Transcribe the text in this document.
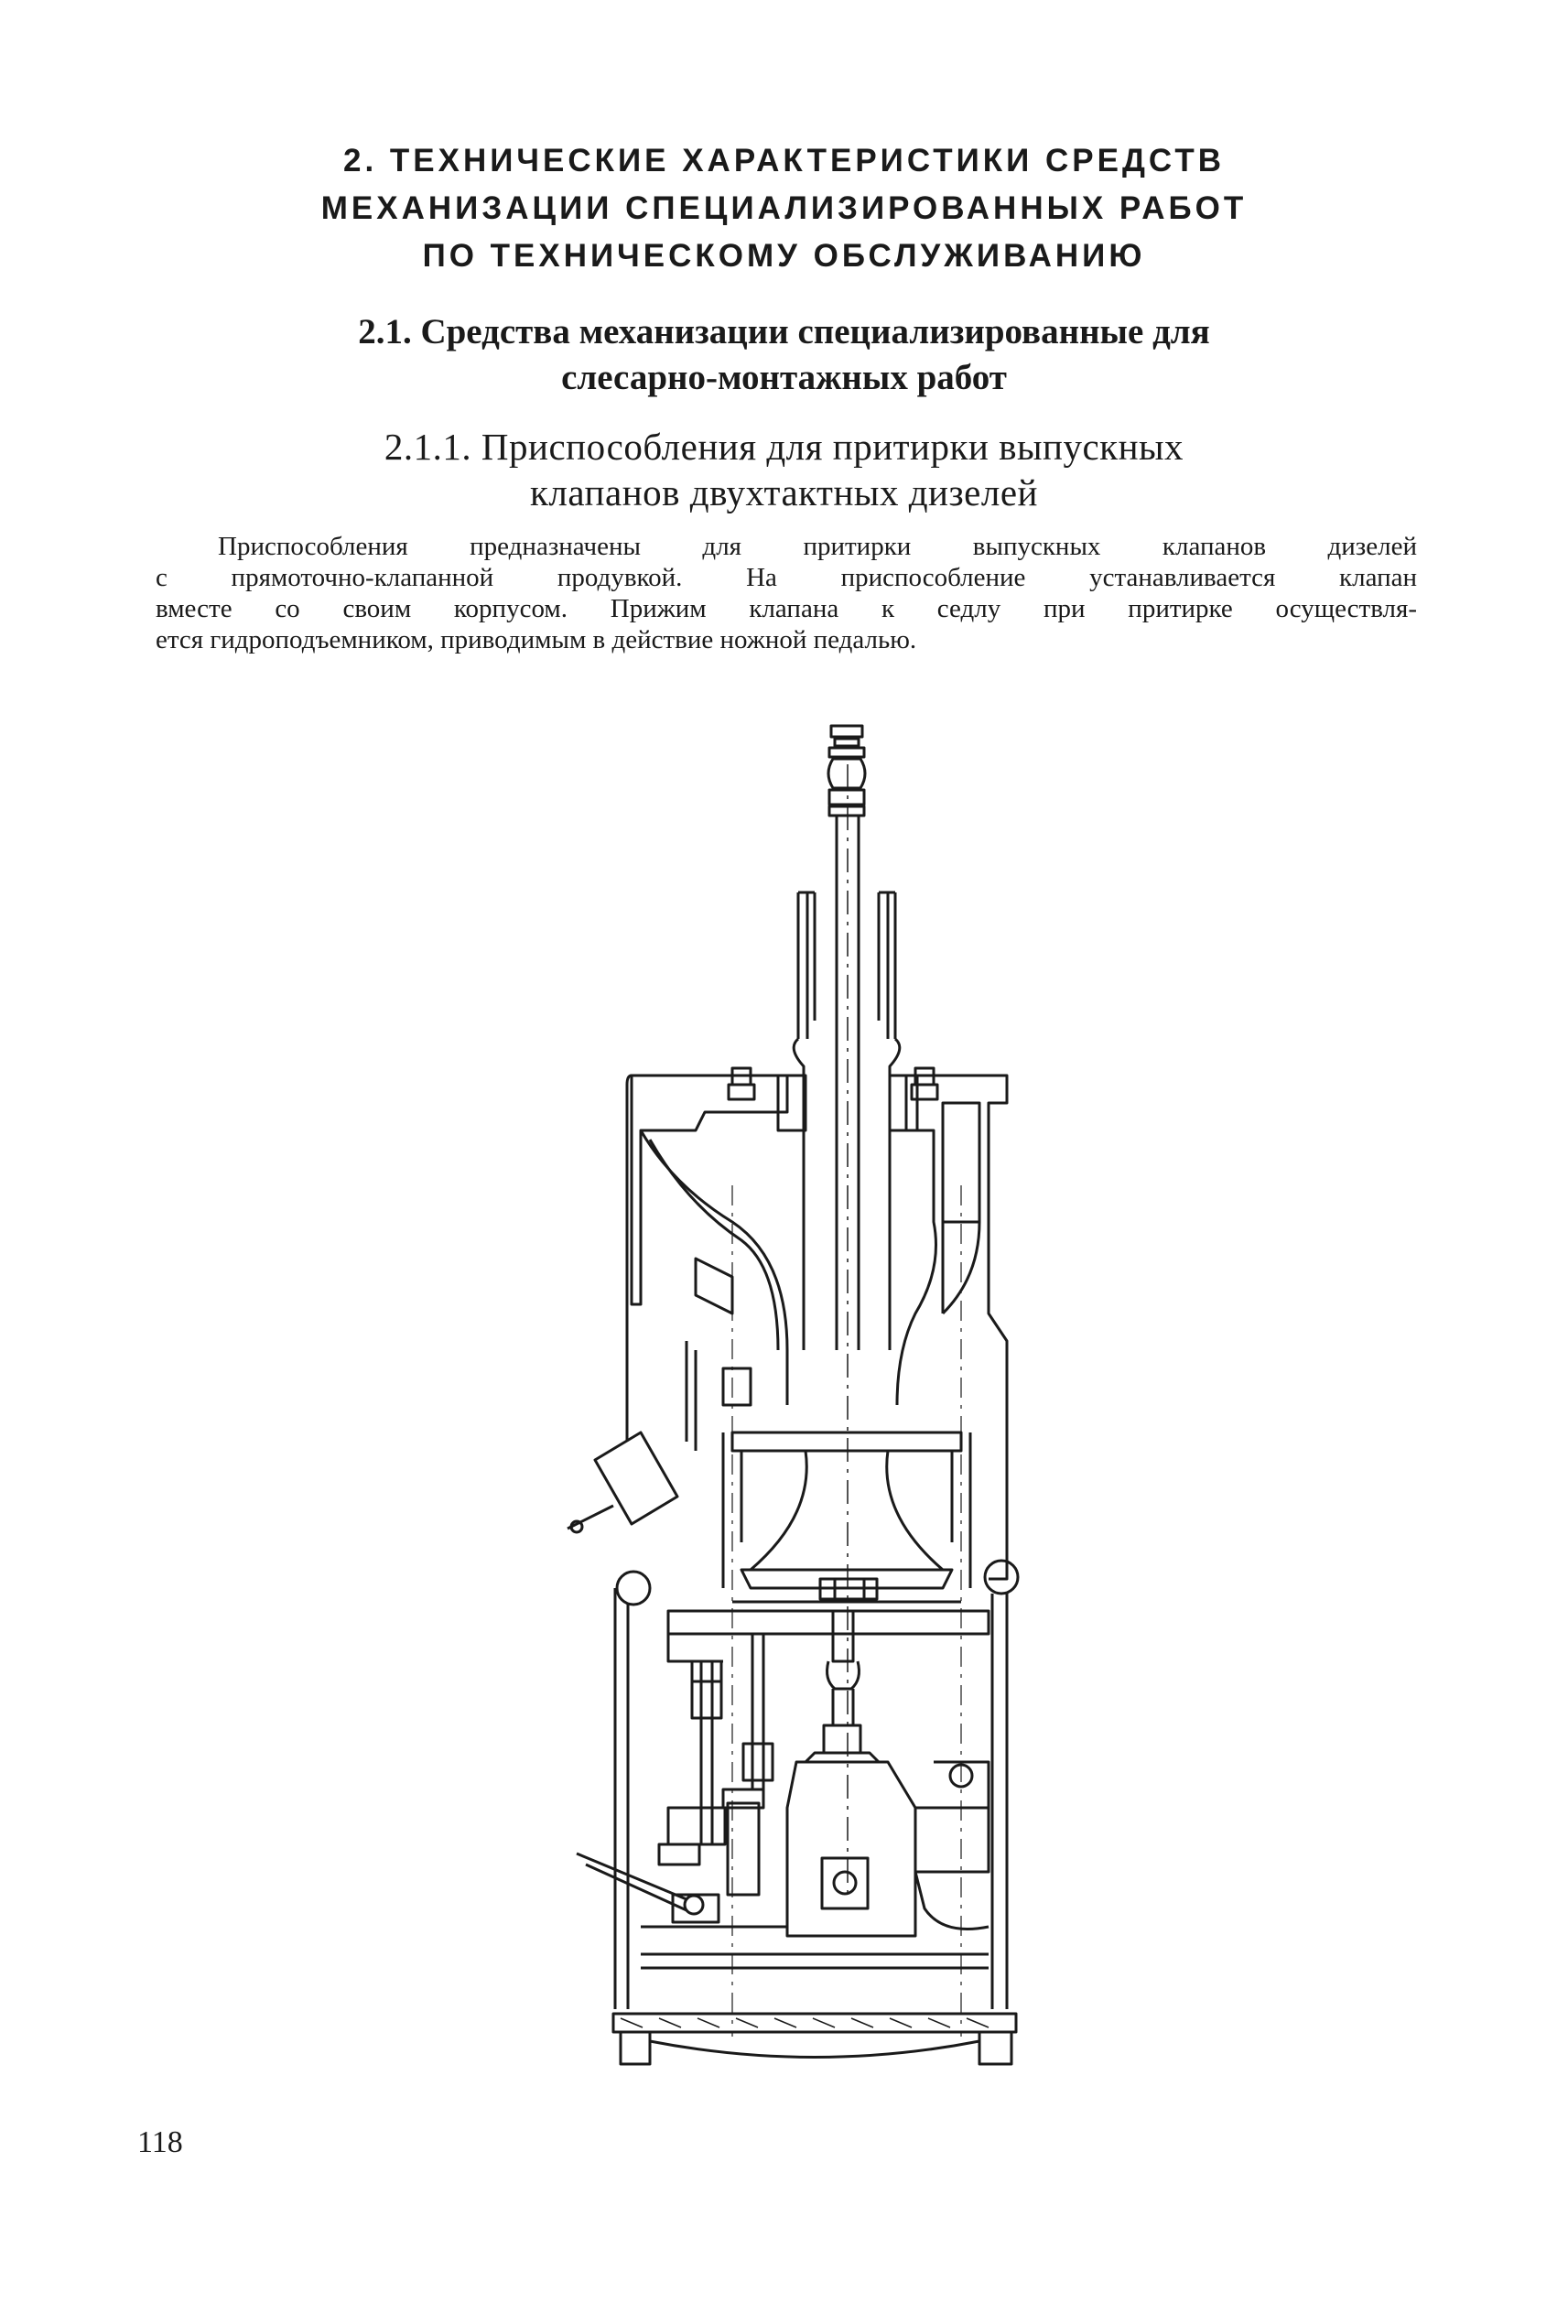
2. ТЕХНИЧЕСКИЕ ХАРАКТЕРИСТИКИ СРЕДСТВ
МЕХАНИЗАЦИИ СПЕЦИАЛИЗИРОВАННЫХ РАБОТ
ПО ТЕХНИЧЕСКОМУ ОБСЛУЖИВАНИЮ
2.1. Средства механизации специализированные для
слесарно-монтажных работ
2.1.1. Приспособления для притирки выпускных
клапанов двухтактных дизелей
Приспособления предназначены для притирки выпускных клапанов дизелей
с прямоточно-клапанной продувкой. На приспособление устанавливается клапан
вместе со своим корпусом. Прижим клапана к седлу при притирке осуществля-
ется гидроподъемником, приводимым в действие ножной педалью.
118
